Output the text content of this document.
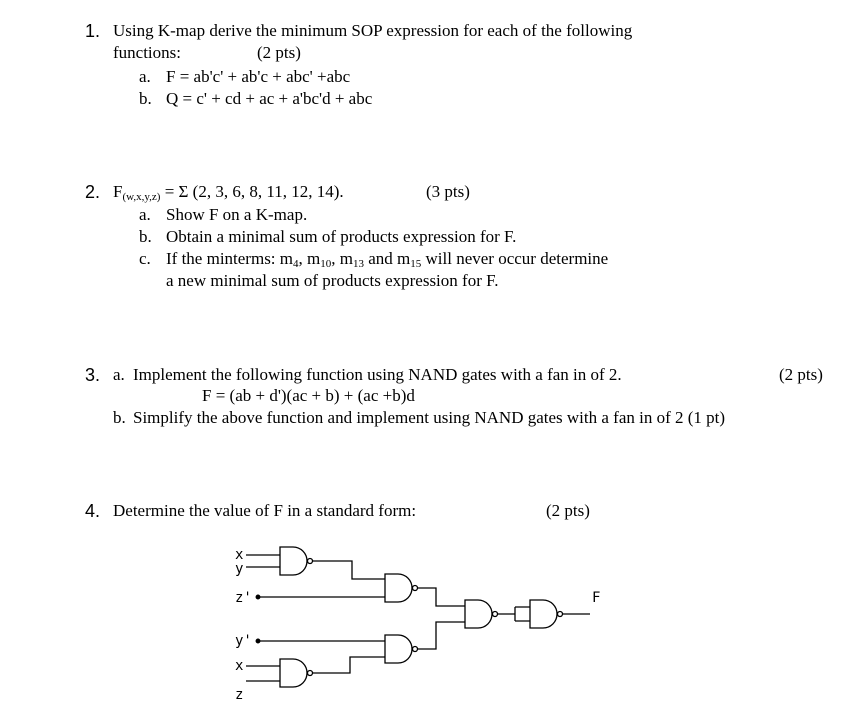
1. Using K-map derive the minimum SOP expression for each of the following
functions:	(2 pts)
a. F = ab'c' + ab'c + abc' +abc
b. Q = c' + cd + ac + a'bc'd + abc
2. $F_{(w,x,y,z)} = \Sigma$ (2, 3, 6, 8, 11, 12, 14).	(3 pts)
a. Show F on a K-map.
b. Obtain a minimal sum of products expression for F.
c. If the minterms: $m_4$, $m_{10}$, $m_{13}$ and $m_{15}$ will never occur determine
a new minimal sum of products expression for F.
3. a. Implement the following function using NAND gates with a fan in of 2.	(2 pts)
F = (ab + d')(ac + b) + (ac +b)d
b. Simplify the above function and implement using NAND gates with a fan in of 2 (1 pt)
4. Determine the value of F in a standard form:	(2 pts)
x
y
z'
y'
x
z
F
